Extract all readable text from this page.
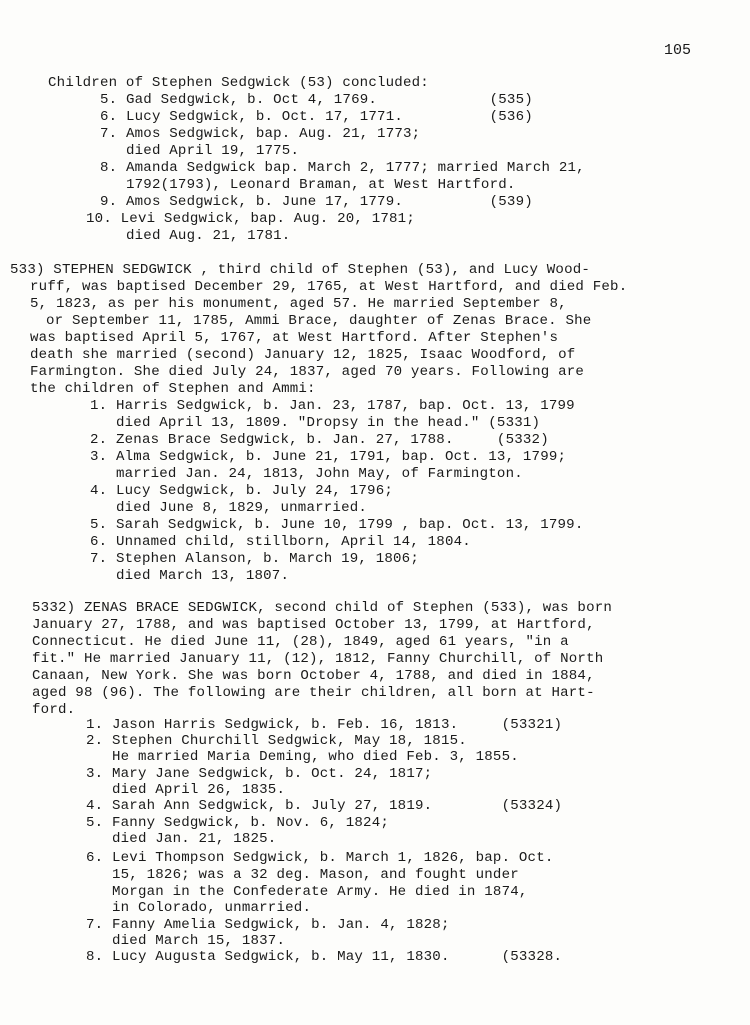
105
Children of Stephen Sedgwick (53) concluded:
5. Gad Sedgwick, b. Oct 4, 1769.             (535)
6. Lucy Sedgwick, b. Oct. 17, 1771.          (536)
7. Amos Sedgwick, bap. Aug. 21, 1773;
died April 19, 1775.
8. Amanda Sedgwick bap. March 2, 1777; married March 21,
1792(1793), Leonard Braman, at West Hartford.
9. Amos Sedgwick, b. June 17, 1779.          (539)
10. Levi Sedgwick, bap. Aug. 20, 1781;
died Aug. 21, 1781.
533) STEPHEN SEDGWICK , third child of Stephen (53), and Lucy Wood-
ruff, was baptised December 29, 1765, at West Hartford, and died Feb.
5, 1823, as per his monument, aged 57. He married September 8,
or September 11, 1785, Ammi Brace, daughter of Zenas Brace. She
was baptised April 5, 1767, at West Hartford. After Stephen's
death she married (second) January 12, 1825, Isaac Woodford, of
Farmington. She died July 24, 1837, aged 70 years. Following are
the children of Stephen and Ammi:
1. Harris Sedgwick, b. Jan. 23, 1787, bap. Oct. 13, 1799
died April 13, 1809. "Dropsy in the head." (5331)
2. Zenas Brace Sedgwick, b. Jan. 27, 1788.     (5332)
3. Alma Sedgwick, b. June 21, 1791, bap. Oct. 13, 1799;
married Jan. 24, 1813, John May, of Farmington.
4. Lucy Sedgwick, b. July 24, 1796;
died June 8, 1829, unmarried.
5. Sarah Sedgwick, b. June 10, 1799 , bap. Oct. 13, 1799.
6. Unnamed child, stillborn, April 14, 1804.
7. Stephen Alanson, b. March 19, 1806;
died March 13, 1807.
5332) ZENAS BRACE SEDGWICK, second child of Stephen (533), was born
January 27, 1788, and was baptised October 13, 1799, at Hartford,
Connecticut. He died June 11, (28), 1849, aged 61 years, "in a
fit." He married January 11, (12), 1812, Fanny Churchill, of North
Canaan, New York. She was born October 4, 1788, and died in 1884,
aged 98 (96). The following are their children, all born at Hart-
ford.
1. Jason Harris Sedgwick, b. Feb. 16, 1813.     (53321)
2. Stephen Churchill Sedgwick, May 18, 1815.
He married Maria Deming, who died Feb. 3, 1855.
3. Mary Jane Sedgwick, b. Oct. 24, 1817;
died April 26, 1835.
4. Sarah Ann Sedgwick, b. July 27, 1819.        (53324)
5. Fanny Sedgwick, b. Nov. 6, 1824;
died Jan. 21, 1825.
6. Levi Thompson Sedgwick, b. March 1, 1826, bap. Oct.
15, 1826; was a 32 deg. Mason, and fought under
Morgan in the Confederate Army. He died in 1874,
in Colorado, unmarried.
7. Fanny Amelia Sedgwick, b. Jan. 4, 1828;
died March 15, 1837.
8. Lucy Augusta Sedgwick, b. May 11, 1830.      (53328.
